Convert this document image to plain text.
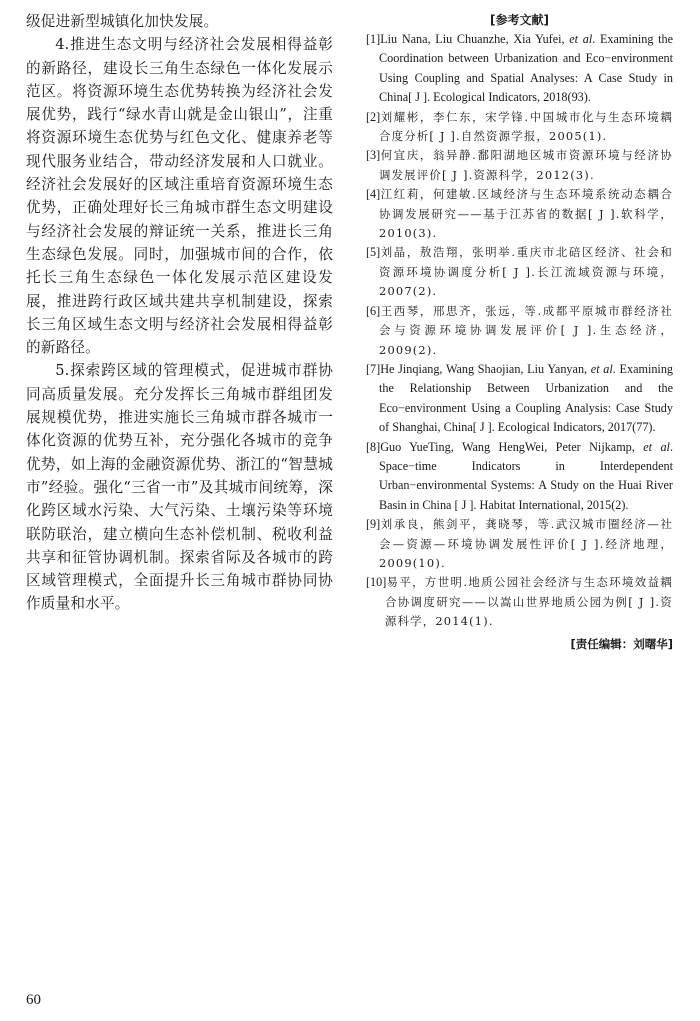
级促进新型城镇化加快发展。

4.推进生态文明与经济社会发展相得益彰的新路径，建设长三角生态绿色一体化发展示范区。将资源环境生态优势转换为经济社会发展优势，践行“绿水青山就是金山银山”，注重将资源环境生态优势与红色文化、健康养老等现代服务业结合，带动经济发展和人口就业。经济社会发展好的区域注重培育资源环境生态优势，正确处理好长三角城市群生态文明建设与经济社会发展的辩证统一关系，推进长三角生态绿色发展。同时，加强城市间的合作，依托长三角生态绿色一体化发展示范区建设发展，推进跨行政区域共建共享机制建设，探索长三角区域生态文明与经济社会发展相得益彰的新路径。

5.探索跨区域的管理模式，促进城市群协同高质量发展。充分发挥长三角城市群组团发展规模优势，推进实施长三角城市群各城市一体化资源的优势互补，充分强化各城市的竞争优势，如上海的金融资源优势、浙江的“智慧城市”经验。强化“三省一市”及其城市间统筹，深化跨区域水污染、大气污染、土壤污染等环境联防联治，建立横向生态补偿机制、税收利益共享和征管协调机制。探索省际及各城市的跨区域管理模式，全面提升长三角城市群协同协作质量和水平。

[参考文献]

[1]Liu Nana, Liu Chuanzhe, Xia Yufei, et al. Examining the Coordination between Urbanization and Eco−environment Using Coupling and Spatial Analyses: A Case Study in China[ J ]. Ecological Indicators, 2018(93).

[2]刘耀彬，李仁东，宋学锋.中国城市化与生态环境耦合度分析[ J ].自然资源学报，2005(1).

[3]何宜庆，翁异静.鄱阳湖地区城市资源环境与经济协调发展评价[ J ].资源科学，2012(3).

[4]江红莉，何建敏.区域经济与生态环境系统动态耦合协调发展研究——基于江苏省的数据[ J ].软科学，2010(3).

[5]刘晶，敖浩翔，张明举.重庆市北碚区经济、社会和资源环境协调度分析[ J ].长江流域资源与环境，2007(2).

[6]王西琴，邢思齐，张远，等.成都平原城市群经济社会与资源环境协调发展评价[ J ].生态经济，2009(2).

[7]He Jinqiang, Wang Shaojian, Liu Yanyan, et al. Examining the Relationship Between Urbanization and the Eco−environment Using a Coupling Analysis: Case Study of Shanghai, China[ J ]. Ecological Indicators, 2017(77).

[8]Guo YueTing, Wang HengWei, Peter Nijkamp, et al. Space−time Indicators in Interdependent Urban−environmental Systems: A Study on the Huai River Basin in China [ J ]. Habitat International, 2015(2).

[9]刘承良，熊剑平，龚晓琴，等.武汉城市圈经济—社会—资源—环境协调发展性评价[ J ].经济地理，2009(10).

[10]易平，方世明.地质公园社会经济与生态环境效益耦合协调度研究——以嵩山世界地质公园为例[ J ].资源科学，2014(1).

[责任编辑：刘曙华]
60
